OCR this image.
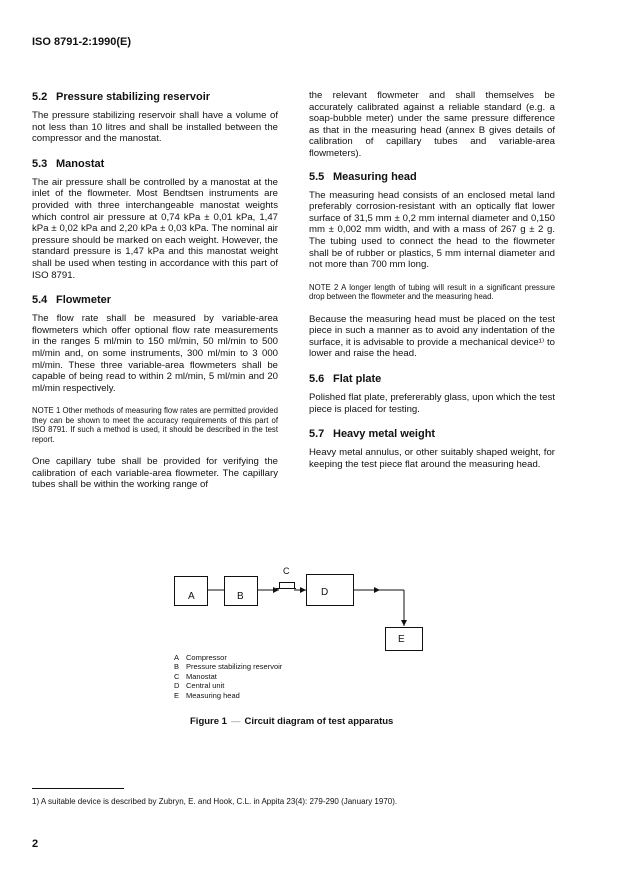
ISO 8791-2:1990(E)
5.2 Pressure stabilizing reservoir

The pressure stabilizing reservoir shall have a volume of not less than 10 litres and shall be installed between the compressor and the manostat.

5.3 Manostat

The air pressure shall be controlled by a manostat at the inlet of the flowmeter. Most Bendtsen instruments are provided with three interchangeable manostat weights which control air pressure at 0,74 kPa ± 0,01 kPa, 1,47 kPa ± 0,02 kPa and 2,20 kPa ± 0,03 kPa. The nominal air pressure should be marked on each weight. However, the standard pressure is 1,47 kPa and this manostat weight shall be used when testing in accordance with this part of ISO 8791.

5.4 Flowmeter

The flow rate shall be measured by variable-area flowmeters which offer optional flow rate measurements in the ranges 5 ml/min to 150 ml/min, 50 ml/min to 500 ml/min and, on some instruments, 300 ml/min to 3 000 ml/min. These three variable-area flowmeters shall be capable of being read to within 2 ml/min, 5 ml/min and 20 ml/min respectively.

NOTE 1 Other methods of measuring flow rates are permitted provided they can be shown to meet the accuracy requirements of this part of ISO 8791. If such a method is used, it should be described in the test report.

One capillary tube shall be provided for verifying the calibration of each variable-area flowmeter. The capillary tubes shall be within the working range of

the relevant flowmeter and shall themselves be accurately calibrated against a reliable standard (e.g. a soap-bubble meter) under the same pressure difference as that in the measuring head (annex B gives details of calibration of capillary tubes and variable-area flowmeters).

5.5 Measuring head

The measuring head consists of an enclosed metal land preferably corrosion-resistant with an optically flat lower surface of 31,5 mm ± 0,2 mm internal diameter and 0,150 mm ± 0,002 mm width, and with a mass of 267 g ± 2 g. The tubing used to connect the head to the flowmeter shall be of rubber or plastics, 5 mm internal diameter and not more than 700 mm long.

NOTE 2 A longer length of tubing will result in a significant pressure drop between the flowmeter and the measuring head.

Because the measuring head must be placed on the test piece in such a manner as to avoid any indentation of the surface, it is advisable to provide a mechanical device¹⁾ to lower and raise the head.

5.6 Flat plate

Polished flat plate, prefererably glass, upon which the test piece is placed for testing.

5.7 Heavy metal weight

Heavy metal annulus, or other suitably shaped weight, for keeping the test piece flat around the measuring head.

C
A	B	D
E
A Compressor
B Pressure stabilizing reservoir
C Manostat
D Central unit
E Measuring head
Figure 1 — Circuit diagram of test apparatus
1) A suitable device is described by Zubryn, E. and Hook, C.L. in Appita 23(4): 279-290 (January 1970).
2
